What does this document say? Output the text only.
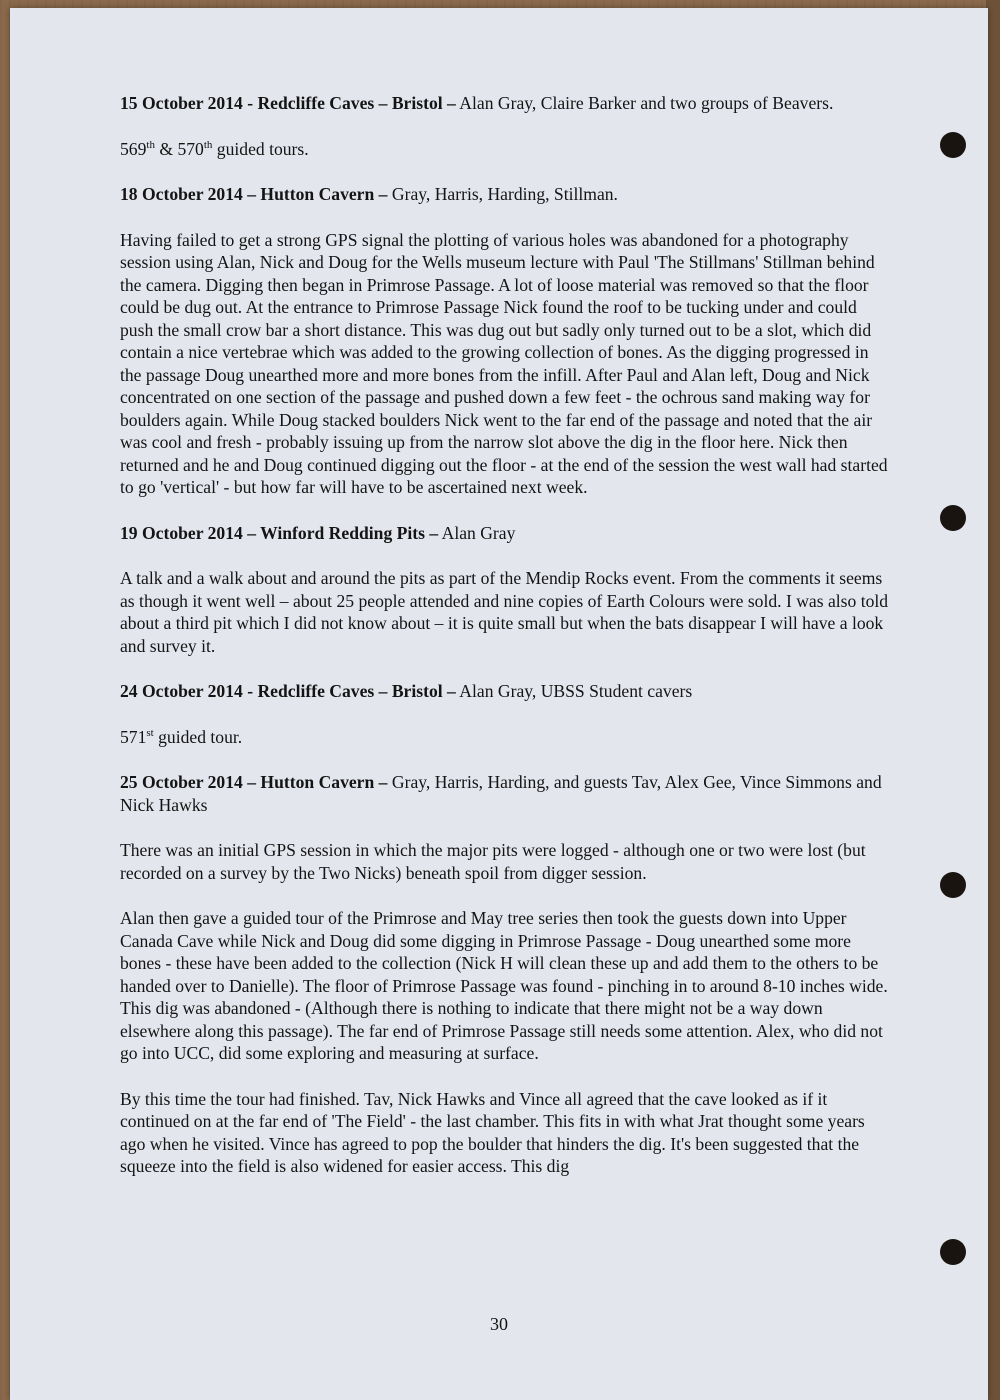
15 October 2014 - Redcliffe Caves – Bristol – Alan Gray, Claire Barker and two groups of Beavers.

569th & 570th guided tours.

18 October 2014 – Hutton Cavern – Gray, Harris, Harding, Stillman.

Having failed to get a strong GPS signal the plotting of various holes was abandoned for a photography session using Alan, Nick and Doug for the Wells museum lecture with Paul 'The Stillmans' Stillman behind the camera. Digging then began in Primrose Passage. A lot of loose material was removed so that the floor could be dug out. At the entrance to Primrose Passage Nick found the roof to be tucking under and could push the small crow bar a short distance. This was dug out but sadly only turned out to be a slot, which did contain a nice vertebrae which was added to the growing collection of bones. As the digging progressed in the passage Doug unearthed more and more bones from the infill. After Paul and Alan left, Doug and Nick concentrated on one section of the passage and pushed down a few feet - the ochrous sand making way for boulders again. While Doug stacked boulders Nick went to the far end of the passage and noted that the air was cool and fresh - probably issuing up from the narrow slot above the dig in the floor here. Nick then returned and he and Doug continued digging out the floor - at the end of the session the west wall had started to go 'vertical' - but how far will have to be ascertained next week.

19 October 2014 – Winford Redding Pits – Alan Gray

A talk and a walk about and around the pits as part of the Mendip Rocks event. From the comments it seems as though it went well – about 25 people attended and nine copies of Earth Colours were sold. I was also told about a third pit which I did not know about – it is quite small but when the bats disappear I will have a look and survey it.

24 October 2014 - Redcliffe Caves – Bristol – Alan Gray, UBSS Student cavers

571st guided tour.

25 October 2014 – Hutton Cavern – Gray, Harris, Harding, and guests Tav, Alex Gee, Vince Simmons and Nick Hawks

There was an initial GPS session in which the major pits were logged - although one or two were lost (but recorded on a survey by the Two Nicks) beneath spoil from digger session.

Alan then gave a guided tour of the Primrose and May tree series then took the guests down into Upper Canada Cave while Nick and Doug did some digging in Primrose Passage - Doug unearthed some more bones - these have been added to the collection (Nick H will clean these up and add them to the others to be handed over to Danielle). The floor of Primrose Passage was found - pinching in to around 8-10 inches wide. This dig was abandoned - (Although there is nothing to indicate that there might not be a way down elsewhere along this passage). The far end of Primrose Passage still needs some attention. Alex, who did not go into UCC, did some exploring and measuring at surface.

By this time the tour had finished. Tav, Nick Hawks and Vince all agreed that the cave looked as if it continued on at the far end of 'The Field' - the last chamber. This fits in with what Jrat thought some years ago when he visited. Vince has agreed to pop the boulder that hinders the dig. It's been suggested that the squeeze into the field is also widened for easier access. This dig

30
